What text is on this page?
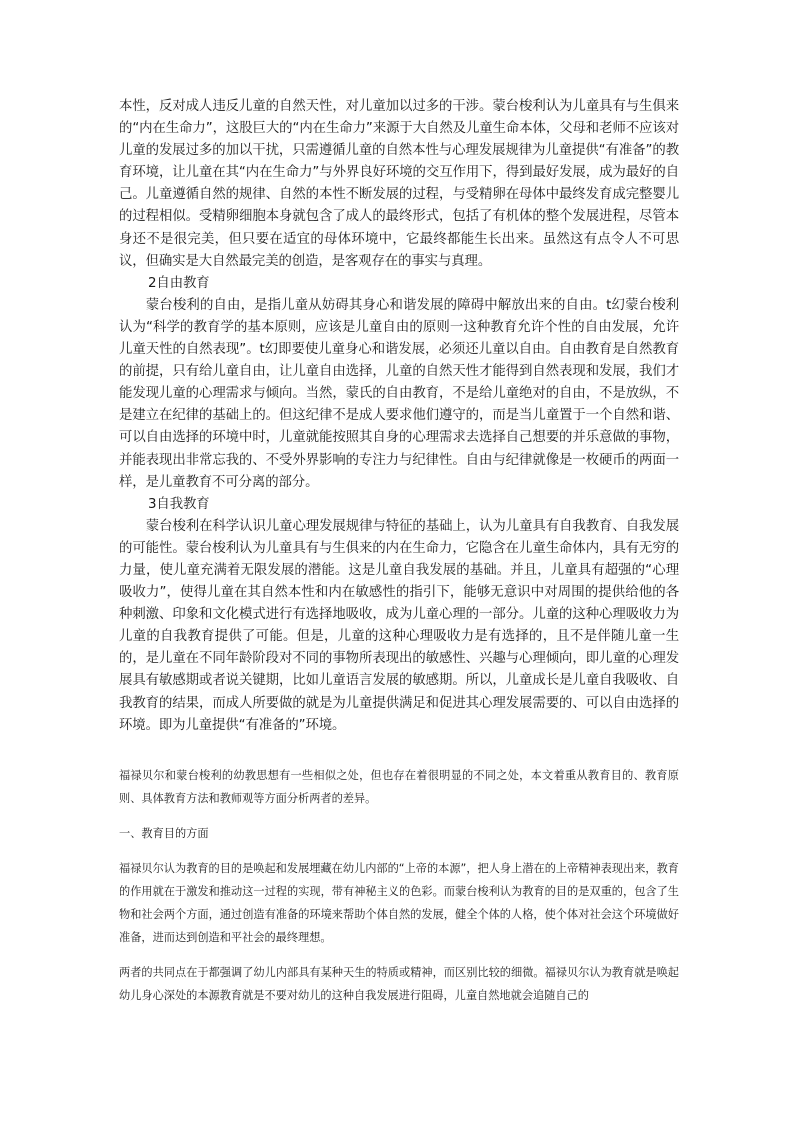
本性，反对成人违反儿童的自然天性，对儿童加以过多的干涉。蒙台梭利认为儿童具有与生俱来的“内在生命力”，这股巨大的“内在生命力”来源于大自然及儿童生命本体，父母和老师不应该对儿童的发展过多的加以干扰，只需遵循儿童的自然本性与心理发展规律为儿童提供“有准备”的教育环境，让儿童在其“内在生命力”与外界良好环境的交互作用下，得到最好发展，成为最好的自己。儿童遵循自然的规律、自然的本性不断发展的过程，与受精卵在母体中最终发育成完整婴儿的过程相似。受精卵细胞本身就包含了成人的最终形式，包括了有机体的整个发展进程，尽管本身还不是很完美，但只要在适宜的母体环境中，它最终都能生长出来。虽然这有点令人不可思议，但确实是大自然最完美的创造，是客观存在的事实与真理。

2自由教育

蒙台梭利的自由，是指儿童从妨碍其身心和谐发展的障碍中解放出来的自由。t幻蒙台梭利认为“科学的教育学的基本原则，应该是儿童自由的原则一这种教育允许个性的自由发展，允许儿童天性的自然表现”。t幻即要使儿童身心和谐发展，必须还儿童以自由。自由教育是自然教育的前提，只有给儿童自由，让儿童自由选择，儿童的自然天性才能得到自然表现和发展，我们才能发现儿童的心理需求与倾向。当然，蒙氏的自由教育，不是给儿童绝对的自由，不是放纵，不是建立在纪律的基础上的。但这纪律不是成人要求他们遵守的，而是当儿童置于一个自然和谐、可以自由选择的环境中时，儿童就能按照其自身的心理需求去选择自己想要的并乐意做的事物，并能表现出非常忘我的、不受外界影响的专注力与纪律性。自由与纪律就像是一枚硬币的两面一样，是儿童教育不可分离的部分。

3自我教育

蒙台梭利在科学认识儿童心理发展规律与特征的基础上，认为儿童具有自我教育、自我发展的可能性。蒙台梭利认为儿童具有与生俱来的内在生命力，它隐含在儿童生命体内，具有无穷的力量，使儿童充满着无限发展的潜能。这是儿童自我发展的基础。并且，儿童具有超强的“心理吸收力”，使得儿童在其自然本性和内在敏感性的指引下，能够无意识中对周围的提供给他的各种刺激、印象和文化模式进行有选择地吸收，成为儿童心理的一部分。儿童的这种心理吸收力为儿童的自我教育提供了可能。但是，儿童的这种心理吸收力是有选择的，且不是伴随儿童一生的，是儿童在不同年龄阶段对不同的事物所表现出的敏感性、兴趣与心理倾向，即儿童的心理发展具有敏感期或者说关键期，比如儿童语言发展的敏感期。所以，儿童成长是儿童自我吸收、自我教育的结果，而成人所要做的就是为儿童提供满足和促进其心理发展需要的、可以自由选择的环境。即为儿童提供“有准备的”环境。

福禄贝尔和蒙台梭利的幼教思想有一些相似之处，但也存在着很明显的不同之处，本文着重从教育目的、教育原则、具体教育方法和教师观等方面分析两者的差异。

一、教育目的方面

福禄贝尔认为教育的目的是唤起和发展埋藏在幼儿内部的“上帝的本源”，把人身上潜在的上帝精神表现出来，教育的作用就在于激发和推动这一过程的实现，带有神秘主义的色彩。而蒙台梭利认为教育的目的是双重的，包含了生物和社会两个方面，通过创造有准备的环境来帮助个体自然的发展，健全个体的人格，使个体对社会这个环境做好准备，进而达到创造和平社会的最终理想。

两者的共同点在于都强调了幼儿内部具有某种天生的特质或精神，而区别比较的细微。福禄贝尔认为教育就是唤起幼儿身心深处的本源教育就是不要对幼儿的这种自我发展进行阻碍，儿童自然地就会追随自己的
